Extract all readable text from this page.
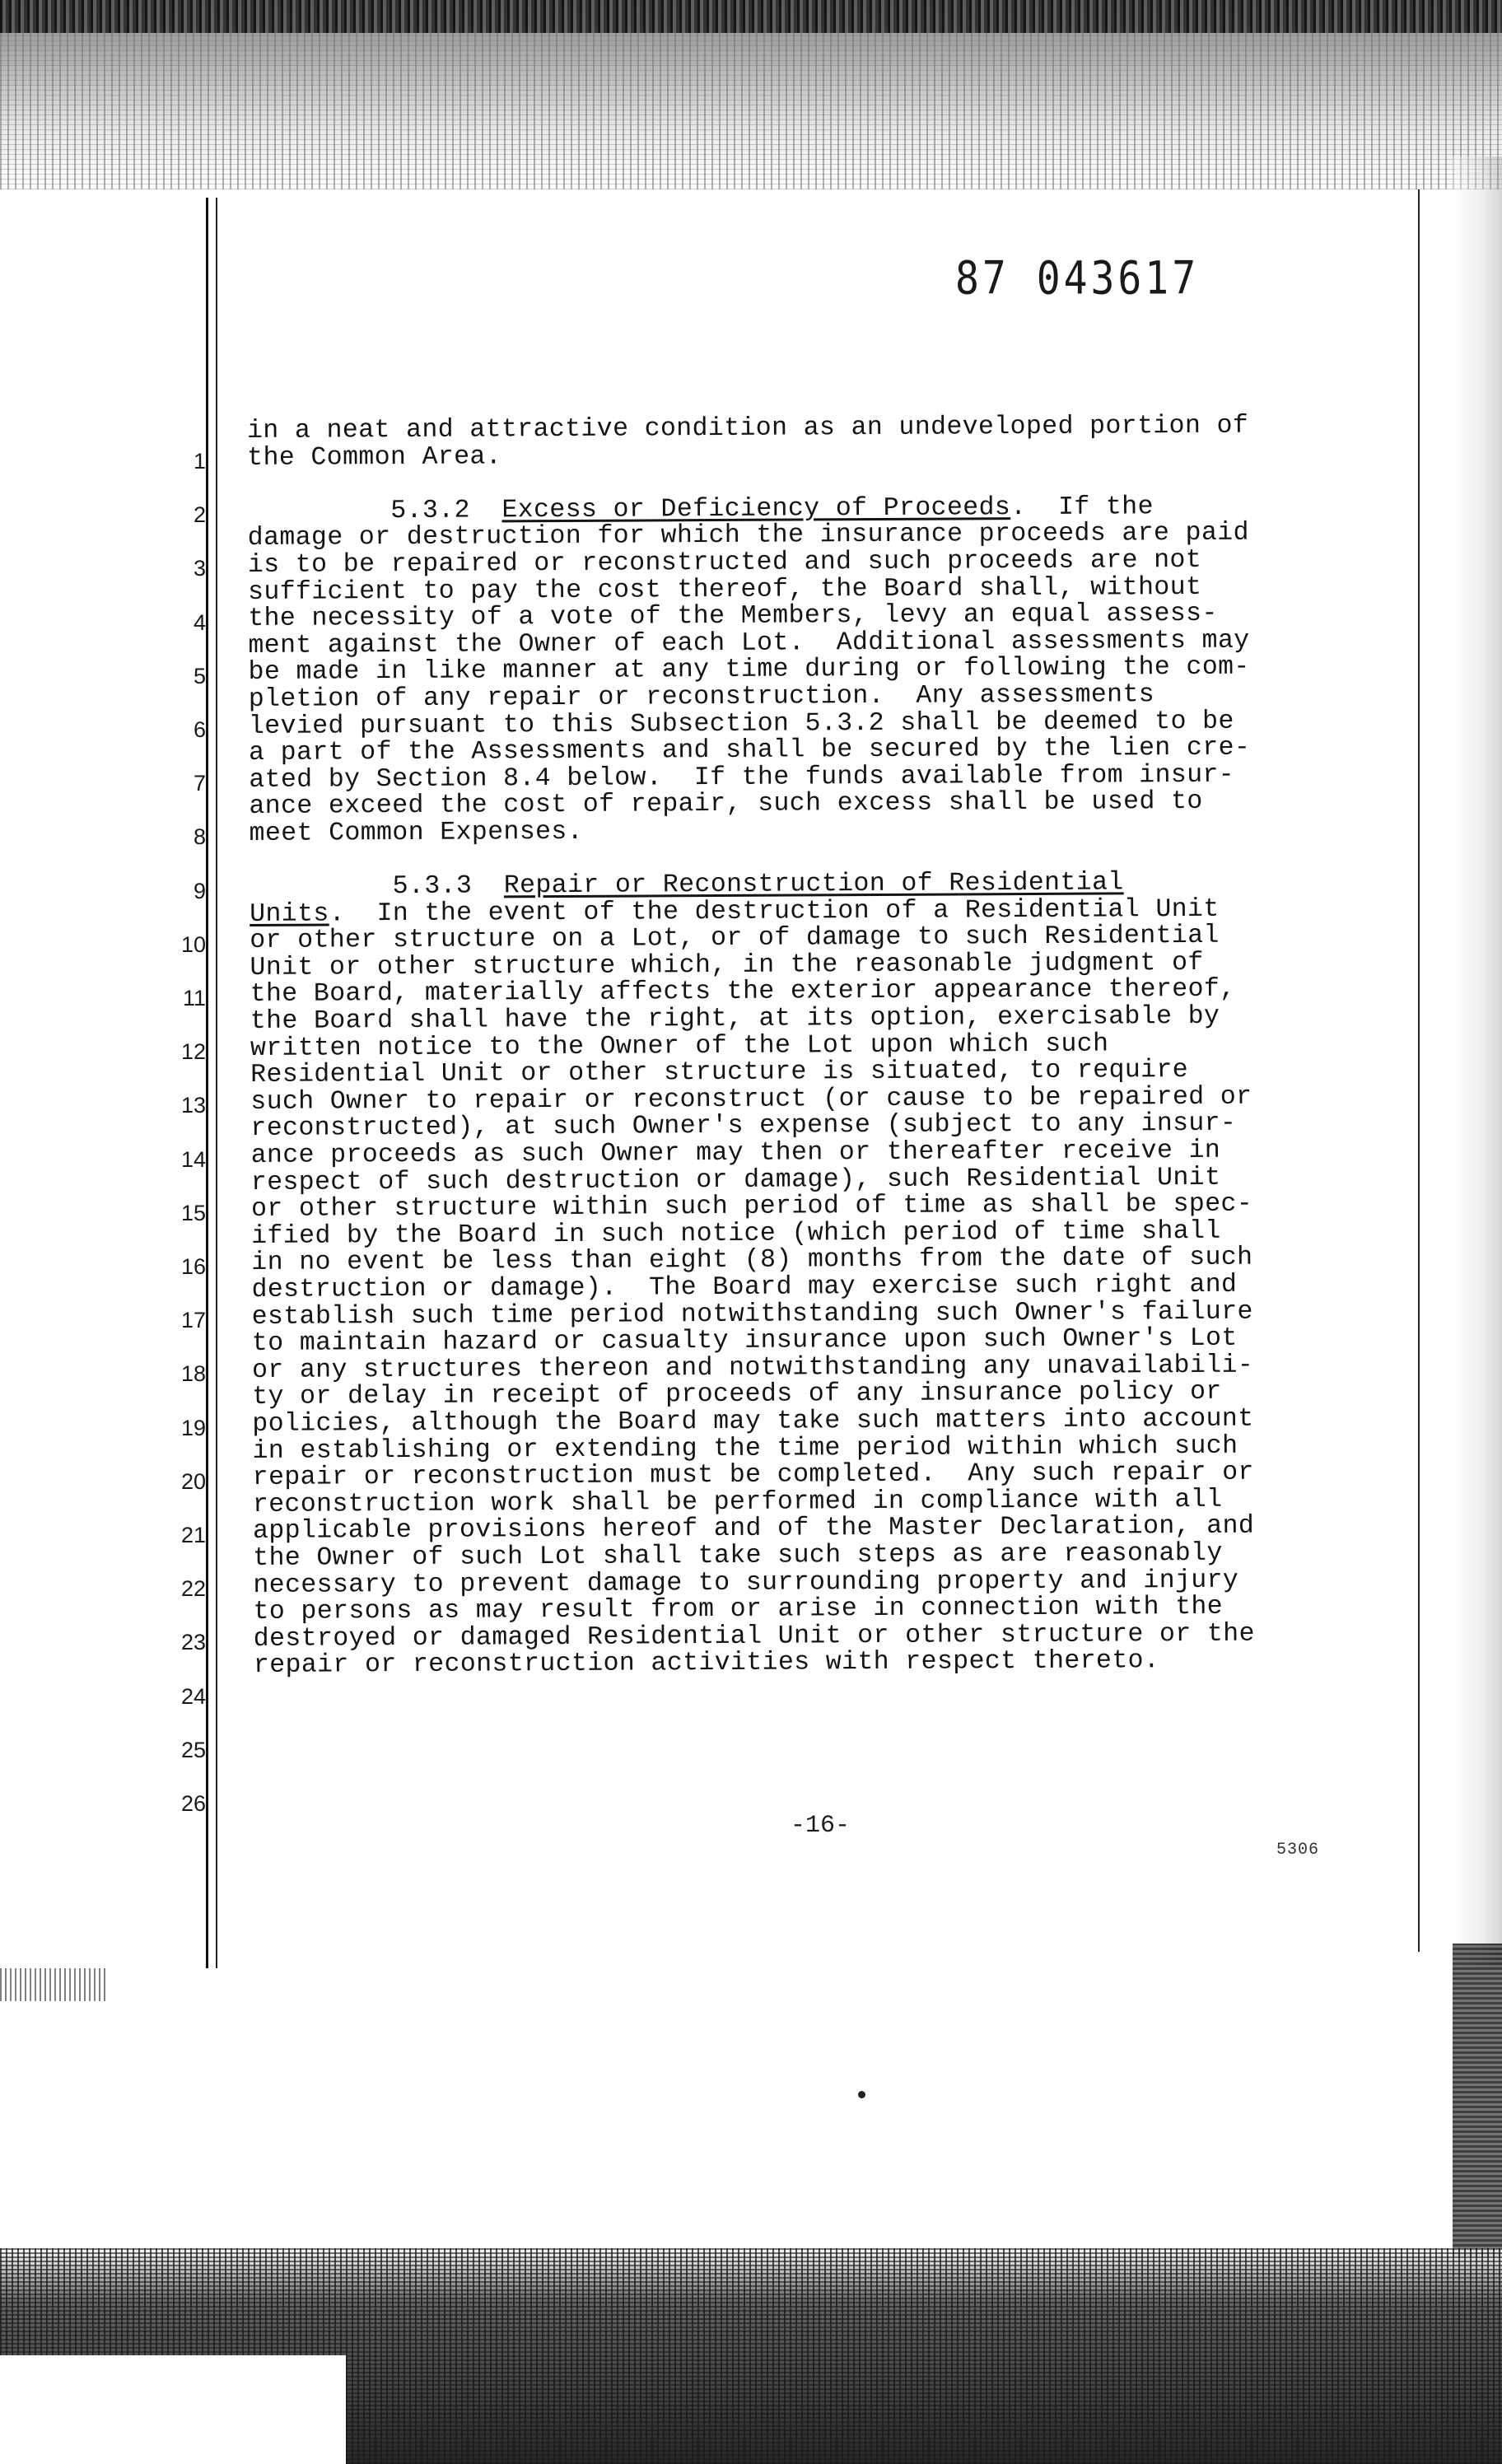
87 043617
1
2
3
4
5
6
7
8
9
10
11
12
13
14
15
16
17
18
19
20
21
22
23
24
25
26
in a neat and attractive condition as an undeveloped portion of
the Common Area.
5.3.2  Excess or Deficiency of Proceeds.  If the
damage or destruction for which the insurance proceeds are paid
is to be repaired or reconstructed and such proceeds are not
sufficient to pay the cost thereof, the Board shall, without
the necessity of a vote of the Members, levy an equal assess-
ment against the Owner of each Lot.  Additional assessments may
be made in like manner at any time during or following the com-
pletion of any repair or reconstruction.  Any assessments
levied pursuant to this Subsection 5.3.2 shall be deemed to be
a part of the Assessments and shall be secured by the lien cre-
ated by Section 8.4 below.  If the funds available from insur-
ance exceed the cost of repair, such excess shall be used to
meet Common Expenses.
5.3.3  Repair or Reconstruction of Residential
Units.  In the event of the destruction of a Residential Unit
or other structure on a Lot, or of damage to such Residential
Unit or other structure which, in the reasonable judgment of
the Board, materially affects the exterior appearance thereof,
the Board shall have the right, at its option, exercisable by
written notice to the Owner of the Lot upon which such
Residential Unit or other structure is situated, to require
such Owner to repair or reconstruct (or cause to be repaired or
reconstructed), at such Owner's expense (subject to any insur-
ance proceeds as such Owner may then or thereafter receive in
respect of such destruction or damage), such Residential Unit
or other structure within such period of time as shall be spec-
ified by the Board in such notice (which period of time shall
in no event be less than eight (8) months from the date of such
destruction or damage).  The Board may exercise such right and
establish such time period notwithstanding such Owner's failure
to maintain hazard or casualty insurance upon such Owner's Lot
or any structures thereon and notwithstanding any unavailabili-
ty or delay in receipt of proceeds of any insurance policy or
policies, although the Board may take such matters into account
in establishing or extending the time period within which such
repair or reconstruction must be completed.  Any such repair or
reconstruction work shall be performed in compliance with all
applicable provisions hereof and of the Master Declaration, and
the Owner of such Lot shall take such steps as are reasonably
necessary to prevent damage to surrounding property and injury
to persons as may result from or arise in connection with the
destroyed or damaged Residential Unit or other structure or the
repair or reconstruction activities with respect thereto.
-16-
5306
